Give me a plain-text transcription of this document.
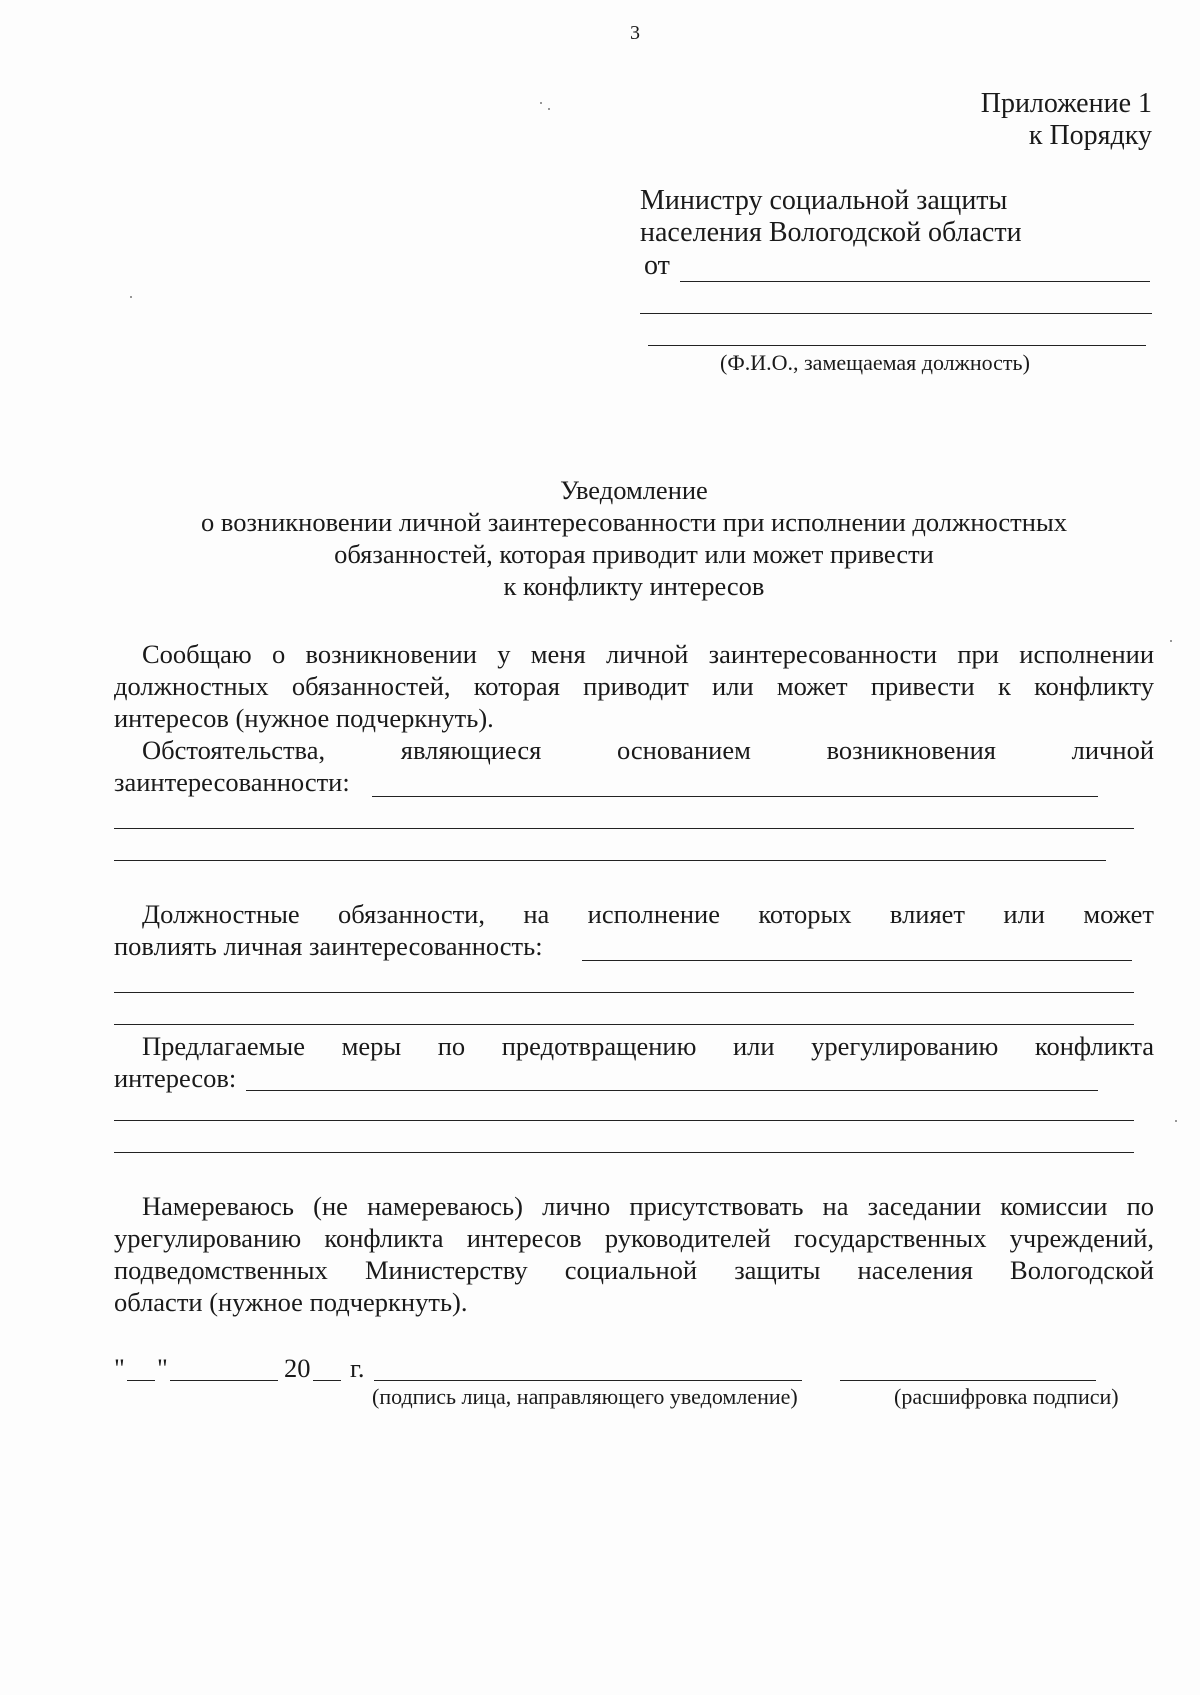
3
Приложение 1
к Порядку
Министру социальной защиты
населения Вологодской области
от
(Ф.И.О., замещаемая должность)
Уведомление
о возникновении личной заинтересованности при исполнении должностных
обязанностей, которая приводит или может привести
к конфликту интересов
Сообщаю о возникновении у меня личной заинтересованности при исполнении
должностных обязанностей, которая приводит или может привести к конфликту
интересов (нужное подчеркнуть).
Обстоятельства, являющиеся основанием возникновения личной
заинтересованности:
Должностные обязанности, на исполнение которых влияет или может
повлиять личная заинтересованность:
Предлагаемые меры по предотвращению или урегулированию конфликта
интересов:
Намереваюсь (не намереваюсь) лично присутствовать на заседании комиссии по
урегулированию конфликта интересов руководителей государственных учреждений,
подведомственных Министерству социальной защиты населения Вологодской
области (нужное подчеркнуть).
" "	20 г.
(подпись лица, направляющего уведомление)	(расшифровка подписи)
